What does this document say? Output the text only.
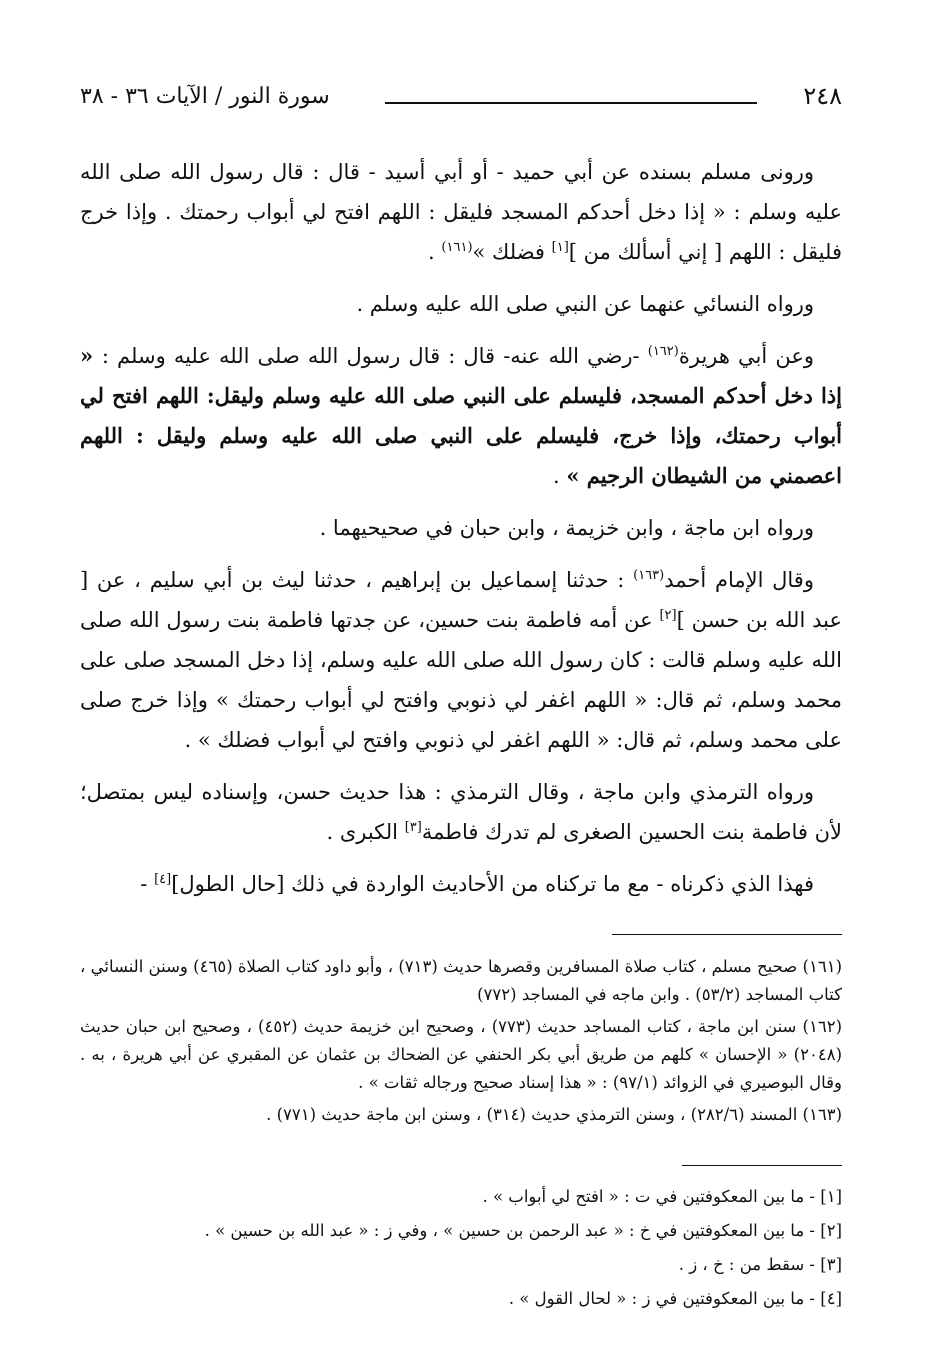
٢٤٨
سورة النور / الآيات ٣٦ - ٣٨

ورونى مسلم بسنده عن أبي حميد - أو أبي أسيد - قال : قال رسول الله صلى الله عليه وسلم : « إذا دخل أحدكم المسجد فليقل : اللهم افتح لي أبواب رحمتك . وإذا خرج فليقل : اللهم [ إني أسألك من ][١] فضلك »$^{(١٦١)}$ .

ورواه النسائي عنهما عن النبي صلى الله عليه وسلم .

وعن أبي هريرة$^{(١٦٢)}$ -رضي الله عنه- قال : قال رسول الله صلى الله عليه وسلم : « إذا دخل أحدكم المسجد، فليسلم على النبي صلى الله عليه وسلم وليقل: اللهم افتح لي أبواب رحمتك، وإذا خرج، فليسلم على النبي صلى الله عليه وسلم وليقل : اللهم اعصمني من الشيطان الرجيم » .

ورواه ابن ماجة ، وابن خزيمة ، وابن حبان في صحيحيهما .

وقال الإمام أحمد$^{(١٦٣)}$ : حدثنا إسماعيل بن إبراهيم ، حدثنا ليث بن أبي سليم ، عن [ عبد الله بن حسن ][٢] عن أمه فاطمة بنت حسين، عن جدتها فاطمة بنت رسول الله صلى الله عليه وسلم قالت : كان رسول الله صلى الله عليه وسلم، إذا دخل المسجد صلى على محمد وسلم، ثم قال: « اللهم اغفر لي ذنوبي وافتح لي أبواب رحمتك » وإذا خرج صلى على محمد وسلم، ثم قال: « اللهم اغفر لي ذنوبي وافتح لي أبواب فضلك » .

ورواه الترمذي وابن ماجة ، وقال الترمذي : هذا حديث حسن، وإسناده ليس بمتصل؛ لأن فاطمة بنت الحسين الصغرى لم تدرك فاطمة[٣] الكبرى .

فهذا الذي ذكرناه - مع ما تركناه من الأحاديث الواردة في ذلك [حال الطول][٤] -

(١٦١) صحيح مسلم ، كتاب صلاة المسافرين وقصرها حديث (٧١٣) ، وأبو داود كتاب الصلاة (٤٦٥) وسنن النسائي ، كتاب المساجد (٥٣/٢) . وابن ماجه في المساجد (٧٧٢)

(١٦٢) سنن ابن ماجة ، كتاب المساجد حديث (٧٧٣) ، وصحيح ابن خزيمة حديث (٤٥٢) ، وصحيح ابن حبان حديث (٢٠٤٨) « الإحسان » كلهم من طريق أبي بكر الحنفي عن الضحاك بن عثمان عن المقبري عن أبي هريرة ، به . وقال البوصيري في الزوائد (٩٧/١) : « هذا إسناد صحيح ورجاله ثقات » .

(١٦٣) المسند (٢٨٢/٦) ، وسنن الترمذي حديث (٣١٤) ، وسنن ابن ماجة حديث (٧٧١) .

[١] - ما بين المعكوفتين في ت : « افتح لي أبواب » .

[٢] - ما بين المعكوفتين في خ : « عبد الرحمن بن حسين » ، وفي ز : « عبد الله بن حسين » .

[٣] - سقط من : خ ، ز .

[٤] - ما بين المعكوفتين في ز : « لحال القول » .
